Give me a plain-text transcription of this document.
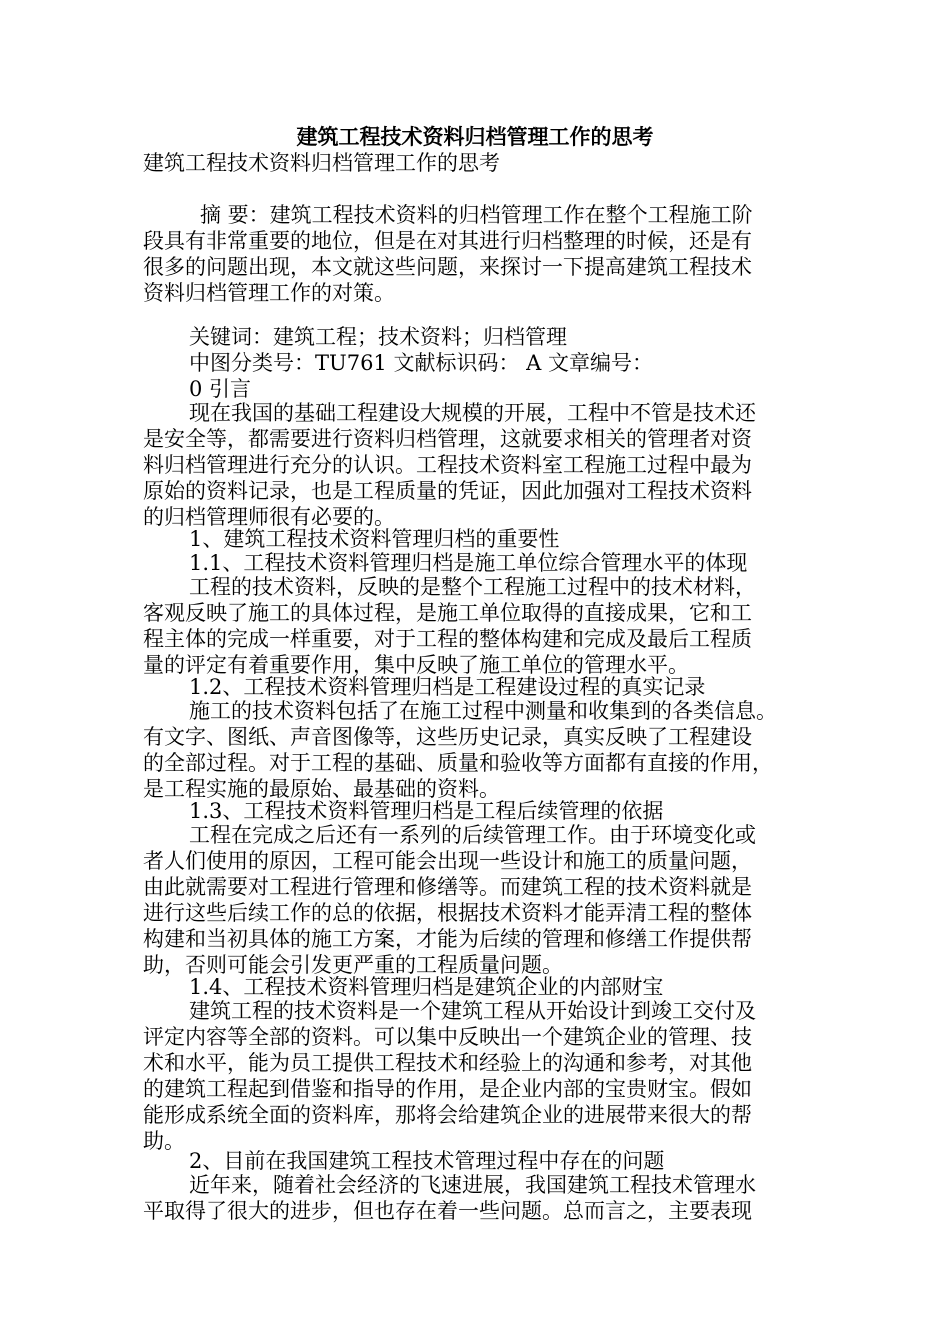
建筑工程技术资料归档管理工作的思考
建筑工程技术资料归档管理工作的思考
摘 要：建筑工程技术资料的归档管理工作在整个工程施工阶
段具有非常重要的地位，但是在对其进行归档整理的时候，还是有
很多的问题出现，本文就这些问题，来探讨一下提高建筑工程技术
资料归档管理工作的对策。
关键词：建筑工程；技术资料；归档管理
中图分类号：TU761 文献标识码： A 文章编号：
0 引言
现在我国的基础工程建设大规模的开展，工程中不管是技术还
是安全等，都需要进行资料归档管理，这就要求相关的管理者对资
料归档管理进行充分的认识。工程技术资料室工程施工过程中最为
原始的资料记录，也是工程质量的凭证，因此加强对工程技术资料
的归档管理师很有必要的。
1、建筑工程技术资料管理归档的重要性
1.1、工程技术资料管理归档是施工单位综合管理水平的体现
工程的技术资料，反映的是整个工程施工过程中的技术材料，
客观反映了施工的具体过程，是施工单位取得的直接成果，它和工
程主体的完成一样重要，对于工程的整体构建和完成及最后工程质
量的评定有着重要作用，集中反映了施工单位的管理水平。
1.2、工程技术资料管理归档是工程建设过程的真实记录
施工的技术资料包括了在施工过程中测量和收集到的各类信息。
有文字、图纸、声音图像等，这些历史记录，真实反映了工程建设
的全部过程。对于工程的基础、质量和验收等方面都有直接的作用，
是工程实施的最原始、最基础的资料。
1.3、工程技术资料管理归档是工程后续管理的依据
工程在完成之后还有一系列的后续管理工作。由于环境变化或
者人们使用的原因，工程可能会出现一些设计和施工的质量问题，
由此就需要对工程进行管理和修缮等。而建筑工程的技术资料就是
进行这些后续工作的总的依据，根据技术资料才能弄清工程的整体
构建和当初具体的施工方案，才能为后续的管理和修缮工作提供帮
助，否则可能会引发更严重的工程质量问题。
1.4、工程技术资料管理归档是建筑企业的内部财宝
建筑工程的技术资料是一个建筑工程从开始设计到竣工交付及
评定内容等全部的资料。可以集中反映出一个建筑企业的管理、技
术和水平，能为员工提供工程技术和经验上的沟通和参考，对其他
的建筑工程起到借鉴和指导的作用，是企业内部的宝贵财宝。假如
能形成系统全面的资料库，那将会给建筑企业的进展带来很大的帮
助。
2、目前在我国建筑工程技术管理过程中存在的问题
近年来，随着社会经济的飞速进展，我国建筑工程技术管理水
平取得了很大的进步，但也存在着一些问题。总而言之，主要表现
